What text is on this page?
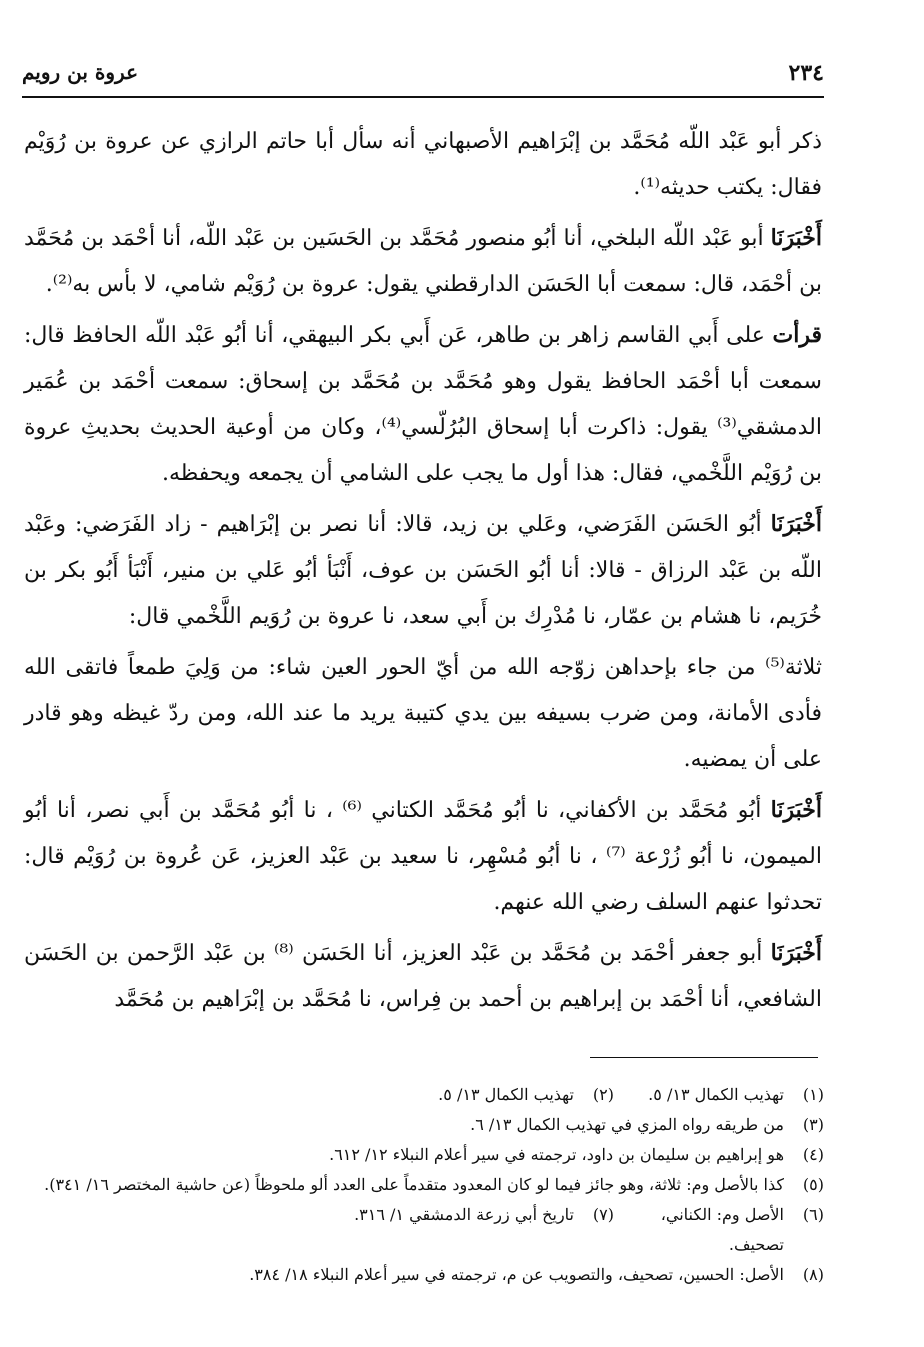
٢٣٤
عروة بن رويم

ذكر أبو عَبْد اللّه مُحَمَّد بن إبْرَاهيم الأصبهاني أنه سأل أبا حاتم الرازي عن عروة بن رُوَيْم فقال: يكتب حديثه⁽¹⁾.

أَخْبَرَنَا أبو عَبْد اللّه البلخي، أنا أبُو منصور مُحَمَّد بن الحَسَين بن عَبْد اللّه، أنا أحْمَد بن مُحَمَّد بن أحْمَد، قال: سمعت أبا الحَسَن الدارقطني يقول: عروة بن رُوَيْم شامي، لا بأس به⁽²⁾.

قرأت على أَبي القاسم زاهر بن طاهر، عَن أَبي بكر البيهقي، أنا أبُو عَبْد اللّه الحافظ قال: سمعت أبا أحْمَد الحافظ يقول وهو مُحَمَّد بن مُحَمَّد بن إسحاق: سمعت أحْمَد بن عُمَير الدمشقي⁽³⁾ يقول: ذاكرت أبا إسحاق البُرُلّسي⁽⁴⁾، وكان من أوعية الحديث بحديثِ عروة بن رُوَيْم اللَّخْمي، فقال: هذا أول ما يجب على الشامي أن يجمعه ويحفظه.

أَخْبَرَنَا أبُو الحَسَن الفَرَضي، وعَلي بن زيد، قالا: أنا نصر بن إبْرَاهيم - زاد الفَرَضي: وعَبْد اللّه بن عَبْد الرزاق - قالا: أنا أبُو الحَسَن بن عوف، أَنْبَأ أبُو عَلي بن منير، أَنْبَأ أَبُو بكر بن خُرَيم، نا هشام بن عمّار، نا مُدْرِك بن أَبي سعد، نا عروة بن رُوَيم اللَّخْمي قال:

ثلاثة⁽⁵⁾ من جاء بإحداهن زوّجه الله من أيّ الحور العين شاء: من وَلِيَ طمعاً فاتقى الله فأدى الأمانة، ومن ضرب بسيفه بين يدي كتيبة يريد ما عند الله، ومن ردّ غيظه وهو قادر على أن يمضيه.

أَخْبَرَنَا أبُو مُحَمَّد بن الأكفاني، نا أبُو مُحَمَّد الكتاني ⁽⁶⁾ ، نا أبُو مُحَمَّد بن أَبي نصر، أنا أبُو الميمون، نا أبُو زُرْعة ⁽⁷⁾ ، نا أبُو مُسْهِر، نا سعيد بن عَبْد العزيز، عَن عُروة بن رُوَيْم قال: تحدثوا عنهم السلف رضي الله عنهم.

أَخْبَرَنَا أبو جعفر أحْمَد بن مُحَمَّد بن عَبْد العزيز، أنا الحَسَن ⁽⁸⁾ بن عَبْد الرَّحمن بن الحَسَن الشافعي، أنا أحْمَد بن إبراهيم بن أحمد بن فِراس، نا مُحَمَّد بن إبْرَاهيم بن مُحَمَّد

(١)
تهذيب الكمال ١٣/ ٥.
(٢)
تهذيب الكمال ١٣/ ٥.
(٣)
من طريقه رواه المزي في تهذيب الكمال ١٣/ ٦.
(٤)
هو إبراهيم بن سليمان بن داود، ترجمته في سير أعلام النبلاء ١٢/ ٦١٢.
(٥)
كذا بالأصل وم: ثلاثة، وهو جائز فيما لو كان المعدود متقدماً على العدد ألو ملحوظاً (عن حاشية المختصر ١٦/ ٣٤١).
(٦)
الأصل وم: الكناني، تصحيف.
(٧)
تاريخ أبي زرعة الدمشقي ١/ ٣١٦.
(٨)
الأصل: الحسين، تصحيف، والتصويب عن م، ترجمته في سير أعلام النبلاء ١٨/ ٣٨٤.
